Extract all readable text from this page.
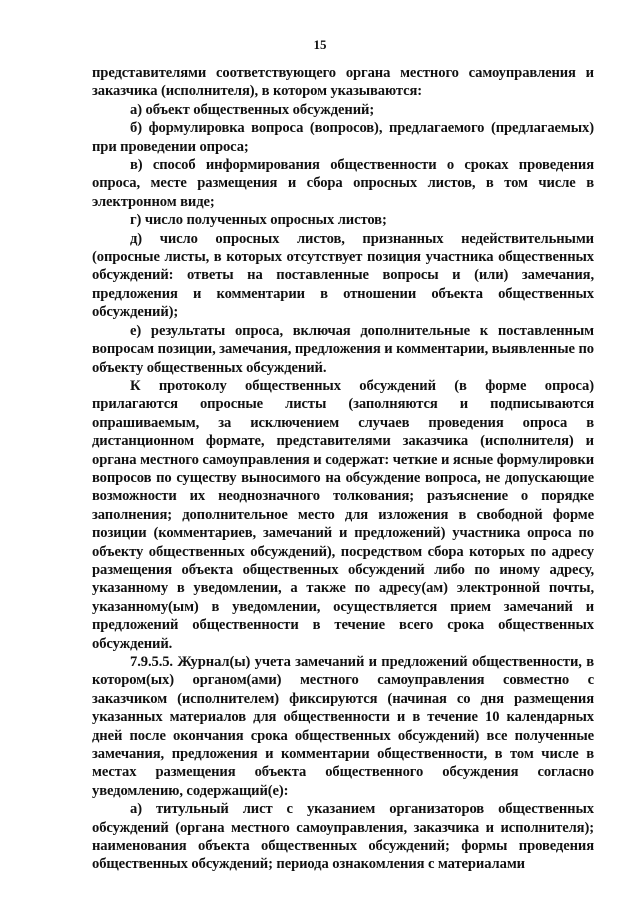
15

представителями соответствующего органа местного самоуправления и заказчика (исполнителя), в котором указываются:

а) объект общественных обсуждений;

б) формулировка вопроса (вопросов), предлагаемого (предлагаемых) при проведении опроса;

в) способ информирования общественности о сроках проведения опроса, месте размещения и сбора опросных листов, в том числе в электронном виде;

г) число полученных опросных листов;

д) число опросных листов, признанных недействительными (опросные листы, в которых отсутствует позиция участника общественных обсуждений: ответы на поставленные вопросы и (или) замечания, предложения и комментарии в отношении объекта общественных обсуждений);

е) результаты опроса, включая дополнительные к поставленным вопросам позиции, замечания, предложения и комментарии, выявленные по объекту общественных обсуждений.

К протоколу общественных обсуждений (в форме опроса) прилагаются опросные листы (заполняются и подписываются опрашиваемым, за исключением случаев проведения опроса в дистанционном формате, представителями заказчика (исполнителя) и органа местного самоуправления и содержат: четкие и ясные формулировки вопросов по существу выносимого на обсуждение вопроса, не допускающие возможности их неоднозначного толкования; разъяснение о порядке заполнения; дополнительное место для изложения в свободной форме позиции (комментариев, замечаний и предложений) участника опроса по объекту общественных обсуждений), посредством сбора которых по адресу размещения объекта общественных обсуждений либо по иному адресу, указанному в уведомлении, а также по адресу(ам) электронной почты, указанному(ым) в уведомлении, осуществляется прием замечаний и предложений общественности в течение всего срока общественных обсуждений.

7.9.5.5. Журнал(ы) учета замечаний и предложений общественности, в котором(ых) органом(ами) местного самоуправления совместно с заказчиком (исполнителем) фиксируются (начиная со дня размещения указанных материалов для общественности и в течение 10 календарных дней после окончания срока общественных обсуждений) все полученные замечания, предложения и комментарии общественности, в том числе в местах размещения объекта общественного обсуждения согласно уведомлению, содержащий(е):

а) титульный лист с указанием организаторов общественных обсуждений (органа местного самоуправления, заказчика и исполнителя); наименования объекта общественных обсуждений; формы проведения общественных обсуждений; периода ознакомления с материалами
